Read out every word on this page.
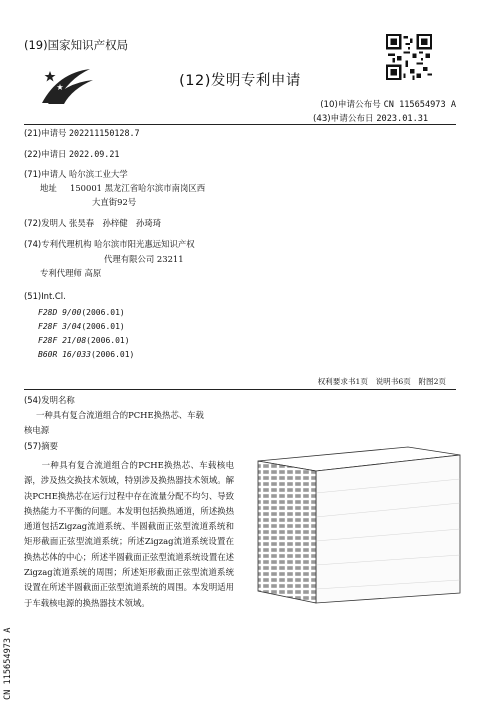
(19)国家知识产权局
(12)发明专利申请
(10)申请公布号 CN 115654973 A
(43)申请公布日 2023.01.31
(21)申请号 202211150128.7
(22)申请日 2022.09.21
(71)申请人 哈尔滨工业大学
地址 150001 黑龙江省哈尔滨市南岗区西
大直街92号
(72)发明人 张昊春　孙梓健　孙琦琦
(74)专利代理机构 哈尔滨市阳光惠远知识产权
代理有限公司 23211
专利代理师 高原
(51)Int.Cl.
F28D 9/00(2006.01)
F28F 3/04(2006.01)
F28F 21/08(2006.01)
B60R 16/033(2006.01)
权利要求书1页　说明书6页　附图2页
(54)发明名称
一种具有复合流道组合的PCHE换热芯、车载
核电源
(57)摘要
一种具有复合流道组合的PCHE换热芯、车载核电源，涉及热交换技术领域，特别涉及换热器技术领域。解决PCHE换热芯在运行过程中存在流量分配不均匀、导致换热能力不平衡的问题。本发明包括换热通道，所述换热通道包括Zigzag流道系统、半圆截面正弦型流道系统和矩形截面正弦型流道系统；所述Zigzag流道系统设置在换热芯体的中心；所述半圆截面正弦型流道系统设置在述Zigzag流道系统的周围；所述矩形截面正弦型流道系统设置在所述半圆截面正弦型流道系统的周围。本发明适用于车载核电源的换热器技术领域。
CN 115654973 A
